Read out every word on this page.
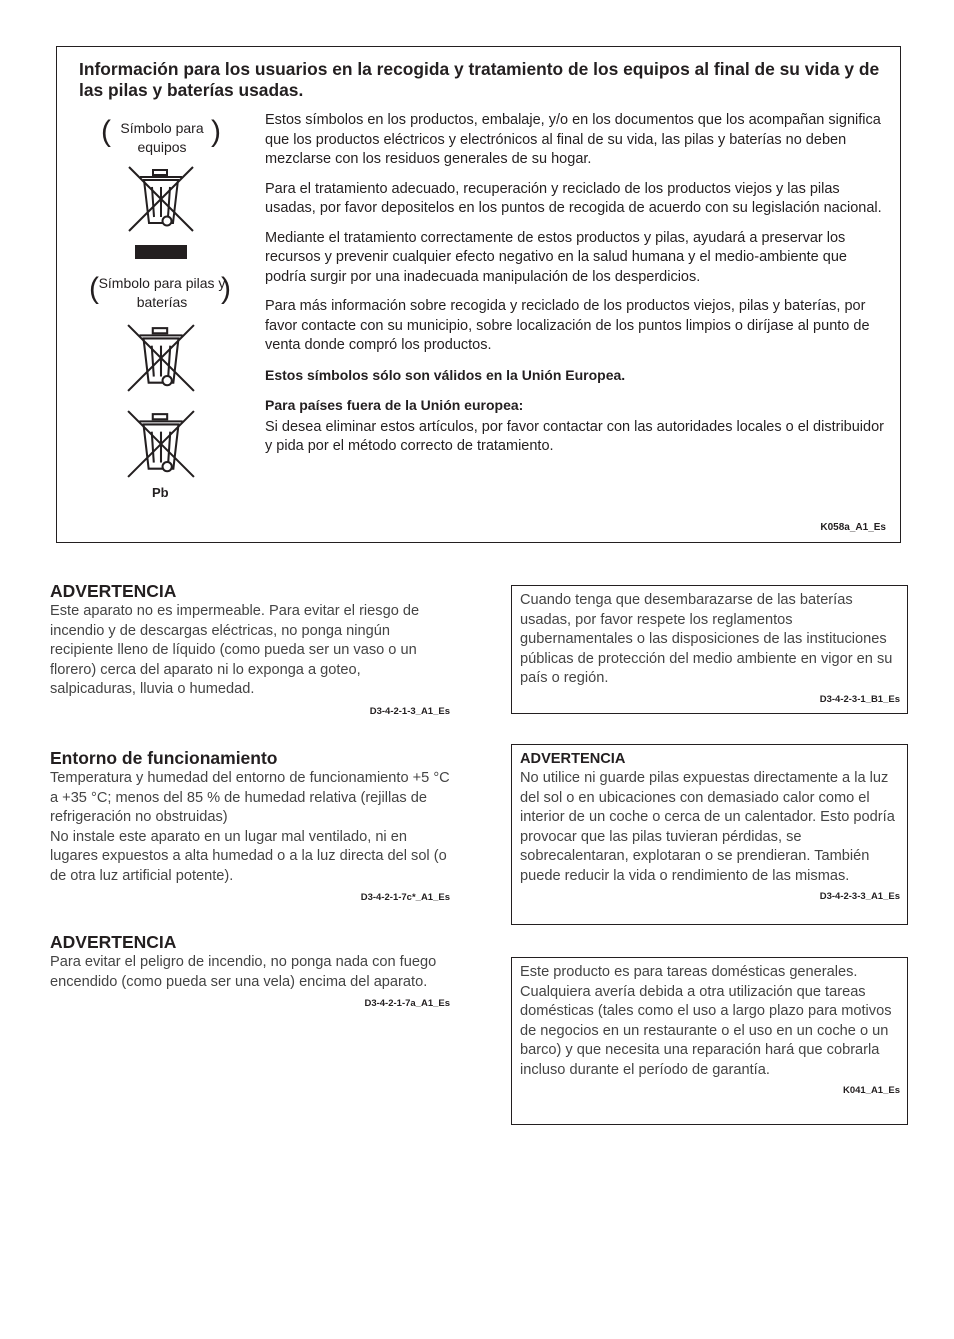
Información para los usuarios en la recogida y tratamiento de los equipos al final de su vida y de las pilas y baterías usadas.
(	)
Símbolo para equipos
(	)
Símbolo para pilas y baterías
Pb

Estos símbolos en los productos, embalaje, y/o en los documentos que los acompañan significa que los productos eléctricos y electrónicos al final de su vida, las pilas y baterías no deben mezclarse con los residuos generales de su hogar.

Para el tratamiento adecuado, recuperación y reciclado de los productos viejos y las pilas usadas, por favor depositelos en los puntos de recogida de acuerdo con su legislación nacional.

Mediante el tratamiento correctamente de estos productos y pilas, ayudará a preservar los recursos y prevenir cualquier efecto negativo en la salud humana y el medio-ambiente que podría surgir por una inadecuada manipulación de los desperdicios.

Para más información sobre recogida y reciclado de los productos viejos, pilas y baterías, por favor contacte con su municipio, sobre localización de los puntos limpios o diríjase al punto de venta donde compró los productos.

Estos símbolos sólo son válidos en la Unión Europea.

Para países fuera de la Unión europea:

Si desea eliminar estos artículos, por favor contactar con las autoridades locales o el distribuidor y pida por el método correcto de tratamiento.

K058a_A1_Es
ADVERTENCIA
Este aparato no es impermeable. Para evitar el riesgo de incendio y de descargas eléctricas, no ponga ningún recipiente lleno de líquido (como pueda ser un vaso o un florero) cerca del aparato ni lo exponga a goteo, salpicaduras, lluvia o humedad.
D3-4-2-1-3_A1_Es
Entorno de funcionamiento
Temperatura y humedad del entorno de funcionamiento +5 °C a +35 °C; menos del 85 % de humedad relativa (rejillas de refrigeración no obstruidas)
No instale este aparato en un lugar mal ventilado, ni en lugares expuestos a alta humedad o a la luz directa del sol (o de otra luz artificial potente).
D3-4-2-1-7c*_A1_Es
ADVERTENCIA
Para evitar el peligro de incendio, no ponga nada con fuego encendido (como pueda ser una vela) encima del aparato.
D3-4-2-1-7a_A1_Es
Cuando tenga que desembarazarse de las baterías usadas, por favor respete los reglamentos gubernamentales o las disposiciones de las instituciones públicas de protección del medio ambiente en vigor en su país o región.
D3-4-2-3-1_B1_Es
ADVERTENCIA
No utilice ni guarde pilas expuestas directamente a la luz del sol o en ubicaciones con demasiado calor como el interior de un coche o cerca de un calentador. Esto podría provocar que las pilas tuvieran pérdidas, se sobrecalentaran, explotaran o se prendieran. También puede reducir la vida o rendimiento de las mismas.
D3-4-2-3-3_A1_Es
Este producto es para tareas domésticas generales. Cualquiera avería debida a otra utilización que tareas domésticas (tales como el uso a largo plazo para motivos de negocios en un restaurante o el uso en un coche o un barco) y que necesita una reparación hará que cobrarla incluso durante el período de garantía.
K041_A1_Es
